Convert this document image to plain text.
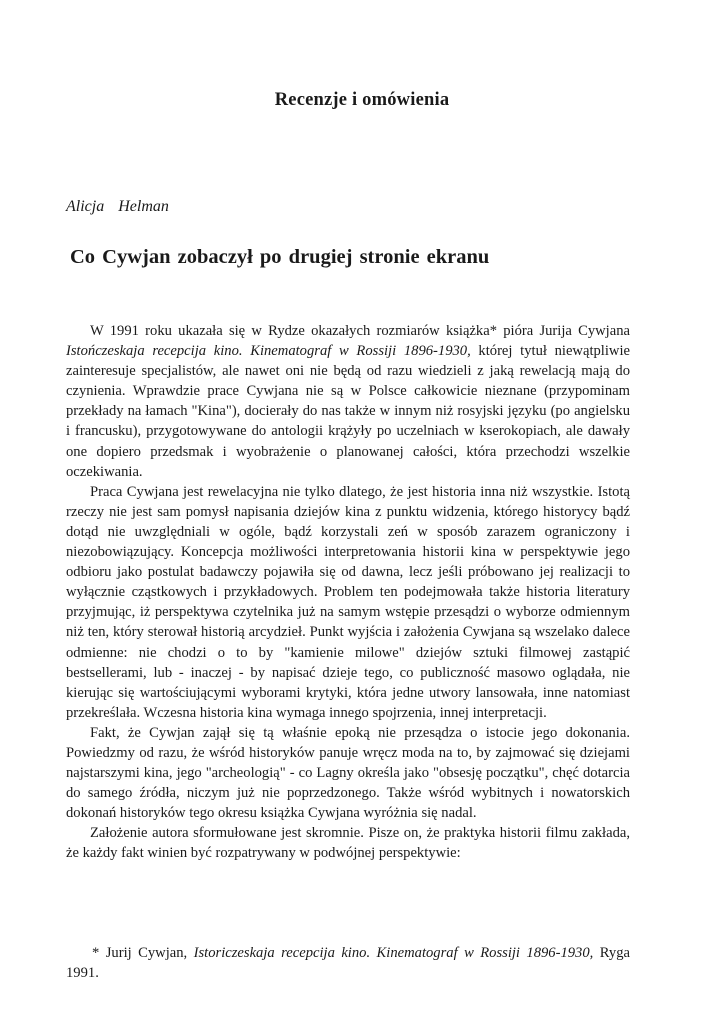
Recenzje i omówienia
Alicja Helman
Co Cywjan zobaczył po drugiej stronie ekranu

W 1991 roku ukazała się w Rydze okazałych rozmiarów książka* pióra Jurija Cywjana Istończeskaja recepcija kino. Kinematograf w Rossiji 1896-1930, której tytuł niewątpliwie zainteresuje specjalistów, ale nawet oni nie będą od razu wiedzieli z jaką rewelacją mają do czynienia. Wprawdzie prace Cywjana nie są w Polsce całkowicie nieznane (przypominam przekłady na łamach "Kina"), docierały do nas także w innym niż rosyjski języku (po angielsku i francusku), przygotowywane do antologii krążyły po uczelniach w kserokopiach, ale dawały one dopiero przedsmak i wyobrażenie o planowanej całości, która przechodzi wszelkie oczekiwania.

Praca Cywjana jest rewelacyjna nie tylko dlatego, że jest historia inna niż wszystkie. Istotą rzeczy nie jest sam pomysł napisania dziejów kina z punktu widzenia, którego historycy bądź dotąd nie uwzględniali w ogóle, bądź korzystali zeń w sposób zarazem ograniczony i niezobowiązujący. Koncepcja możliwości interpretowania historii kina w perspektywie jego odbioru jako postulat badawczy pojawiła się od dawna, lecz jeśli próbowano jej realizacji to wyłącznie cząstkowych i przykładowych. Problem ten podejmowała także historia literatury przyjmując, iż perspektywa czytelnika już na samym wstępie przesądzi o wyborze odmiennym niż ten, który sterował historią arcydzieł. Punkt wyjścia i założenia Cywjana są wszelako dalece odmienne: nie chodzi o to by "kamienie milowe" dziejów sztuki filmowej zastąpić bestsellerami, lub - inaczej - by napisać dzieje tego, co publiczność masowo oglądała, nie kierując się wartościującymi wyborami krytyki, która jedne utwory lansowała, inne natomiast przekreślała. Wczesna historia kina wymaga innego spojrzenia, innej interpretacji.

Fakt, że Cywjan zajął się tą właśnie epoką nie przesądza o istocie jego dokonania. Powiedzmy od razu, że wśród historyków panuje wręcz moda na to, by zajmować się dziejami najstarszymi kina, jego "archeologią" - co Lagny określa jako "obsesję początku", chęć dotarcia do samego źródła, niczym już nie poprzedzonego. Także wśród wybitnych i nowatorskich dokonań historyków tego okresu książka Cywjana wyróżnia się nadal.

Założenie autora sformułowane jest skromnie. Pisze on, że praktyka historii filmu zakłada, że każdy fakt winien być rozpatrywany w podwójnej perspektywie:

* Jurij Cywjan, Istoriczeskaja recepcija kino. Kinematograf w Rossiji 1896-1930, Ryga 1991.
